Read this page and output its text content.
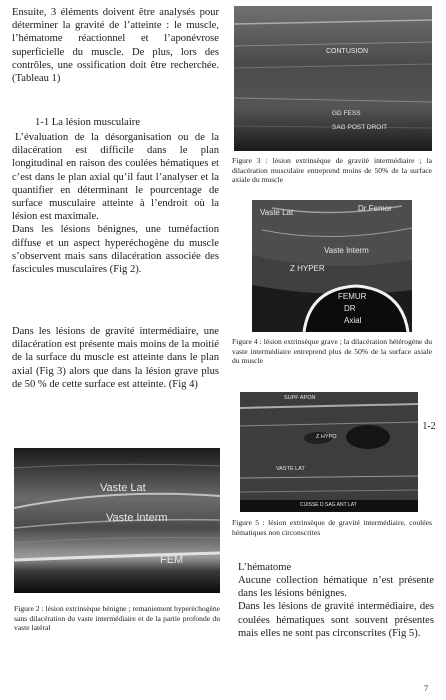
Ensuite, 3 éléments doivent être analysés pour déterminer la gravité de l’atteinte : le muscle, l’hématome réactionnel et l’aponévrose superficielle du muscle. De plus, lors des contrôles, une ossification doit être recherchée. (Tableau 1)

1-1 La lésion musculaire

L’évaluation de la désorganisation ou de la dilacération est difficile dans le plan longitudinal en raison des coulées hématiques et c’est dans le plan axial qu’il faut l’analyser et la quantifier en déterminant le pourcentage de surface musculaire atteinte à l’endroit où la lésion est maximale.

Dans les lésions bénignes, une tuméfaction diffuse et un aspect hyperéchogène du muscle s’observent mais sans dilacération associée des fascicules musculaires (Fig 2).

Dans les lésions de gravité intermédiaire, une dilacération est présente mais moins de la moitié de la surface du muscle est atteinte dans le plan axial (Fig 3) alors que dans la lésion grave plus de 50 % de cette surface est atteinte. (Fig 4)
Vaste Lat
Vaste Interm
FEM
Figure 2 : lésion extrinsèque bénigne ; remaniement hyperéchogène sans dilacération du vaste intermédiaire et de la partie profonde du vaste latéral
CONTUSION
GD FESS
SAG POST DROIT
Figure 3 : lésion extrinsèque de gravité intermédiaire ; la dilacération musculaire entreprend moins de 50% de la surface axiale du muscle
Vaste Lat	Dr Femor
Vaste Interm
Z HYPER
FEMUR
DR
Axial
Figure 4 : lésion extrinsèque grave ; la dilacération hétérogène du vaste intermédiaire entreprend plus de 50% de la surface axiale du muscle
SUPF APON
Z HYPO
VASTE LAT
CUISSE D SAG ANT LAT
1-2
Figure 5 : lésion extrinsèque de gravité intermédiaire, coulées hématiques non circonscrites
L’hématome

Aucune collection hématique n’est présente dans les lésions bénignes.

Dans les lésions de gravité intermédiaire, des coulées hématiques sont souvent présentes mais elles ne sont pas circonscrites (Fig 5).

7
